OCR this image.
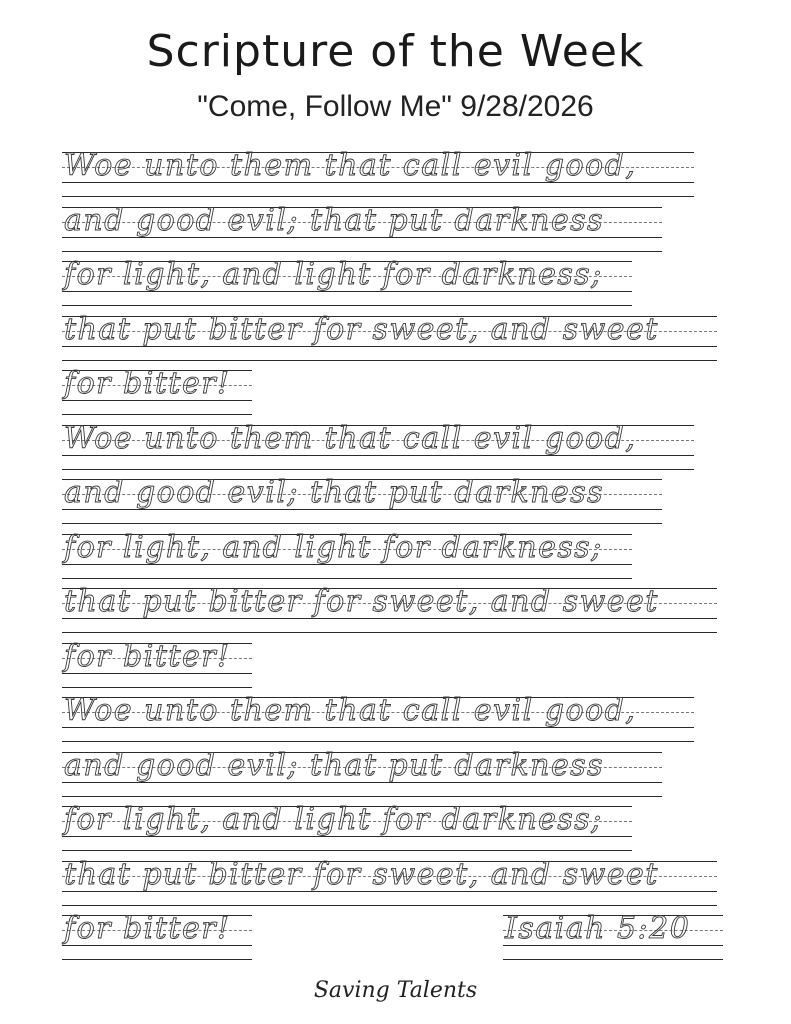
Scripture of the Week
"Come, Follow Me" 9/28/2026
Woe unto them that call evil good,
and good evil; that put darkness
for light, and light for darkness;
that put bitter for sweet, and sweet
for bitter!
Woe unto them that call evil good,
and good evil; that put darkness
for light, and light for darkness;
that put bitter for sweet, and sweet
for bitter!
Woe unto them that call evil good,
and good evil; that put darkness
for light, and light for darkness;
that put bitter for sweet, and sweet
for bitter!	Isaiah 5:20
Saving Talents
